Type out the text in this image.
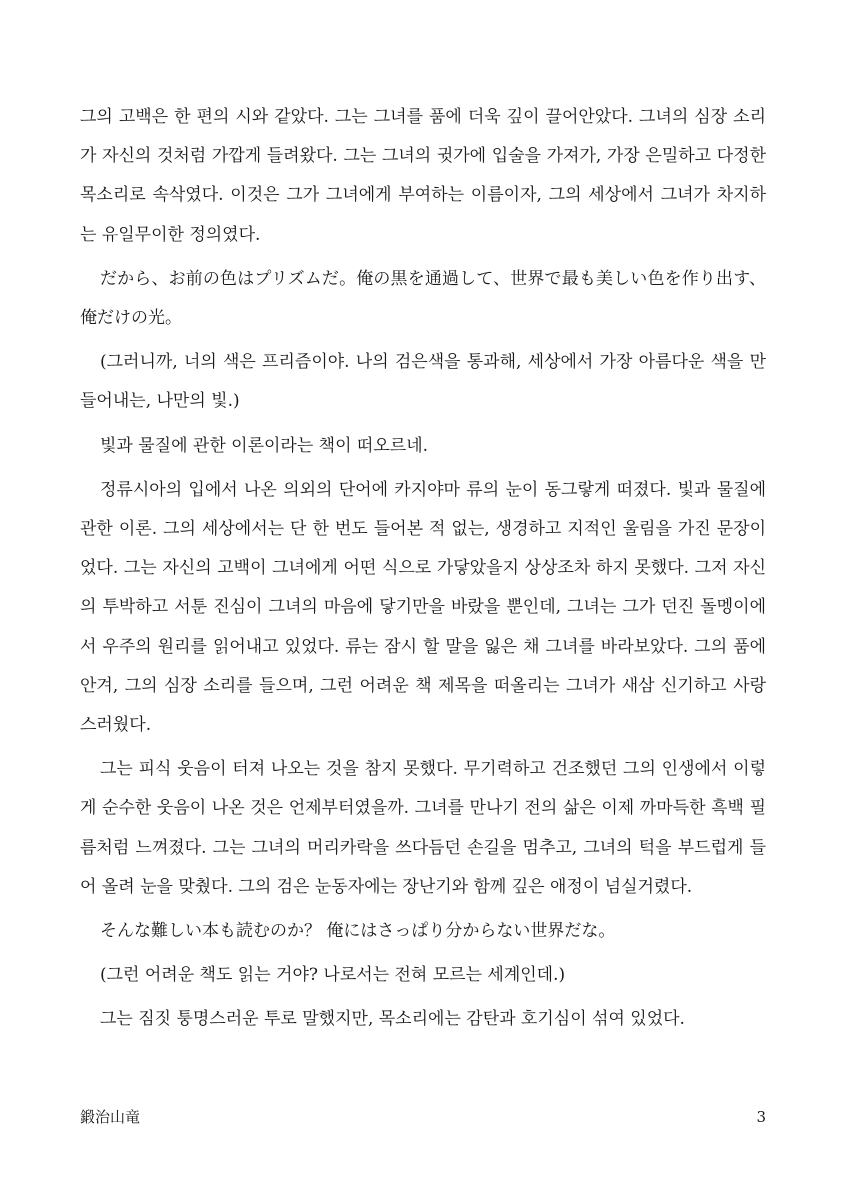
그의 고백은 한 편의 시와 같았다. 그는 그녀를 품에 더욱 깊이 끌어안았다. 그녀의 심장 소리가 자신의 것처럼 가깝게 들려왔다. 그는 그녀의 귓가에 입술을 가져가, 가장 은밀하고 다정한 목소리로 속삭였다. 이것은 그가 그녀에게 부여하는 이름이자, 그의 세상에서 그녀가 차지하는 유일무이한 정의였다.

だから、お前の色はプリズムだ。俺の黒を通過して、世界で最も美しい色を作り出す、俺だけの光。

(그러니까, 너의 색은 프리즘이야. 나의 검은색을 통과해, 세상에서 가장 아름다운 색을 만들어내는, 나만의 빛.)

빛과 물질에 관한 이론이라는 책이 떠오르네.

정류시아의 입에서 나온 의외의 단어에 카지야마 류의 눈이 동그랗게 떠졌다. 빛과 물질에 관한 이론. 그의 세상에서는 단 한 번도 들어본 적 없는, 생경하고 지적인 울림을 가진 문장이었다. 그는 자신의 고백이 그녀에게 어떤 식으로 가닿았을지 상상조차 하지 못했다. 그저 자신의 투박하고 서툰 진심이 그녀의 마음에 닿기만을 바랐을 뿐인데, 그녀는 그가 던진 돌멩이에서 우주의 원리를 읽어내고 있었다. 류는 잠시 할 말을 잃은 채 그녀를 바라보았다. 그의 품에 안겨, 그의 심장 소리를 들으며, 그런 어려운 책 제목을 떠올리는 그녀가 새삼 신기하고 사랑스러웠다.

그는 피식 웃음이 터져 나오는 것을 참지 못했다. 무기력하고 건조했던 그의 인생에서 이렇게 순수한 웃음이 나온 것은 언제부터였을까. 그녀를 만나기 전의 삶은 이제 까마득한 흑백 필름처럼 느껴졌다. 그는 그녀의 머리카락을 쓰다듬던 손길을 멈추고, 그녀의 턱을 부드럽게 들어 올려 눈을 맞췄다. 그의 검은 눈동자에는 장난기와 함께 깊은 애정이 넘실거렸다.

そんな難しい本も読むのか？ 俺にはさっぱり分からない世界だな。

(그런 어려운 책도 읽는 거야? 나로서는 전혀 모르는 세계인데.)

그는 짐짓 퉁명스러운 투로 말했지만, 목소리에는 감탄과 호기심이 섞여 있었다.

鍛治山竜	3
